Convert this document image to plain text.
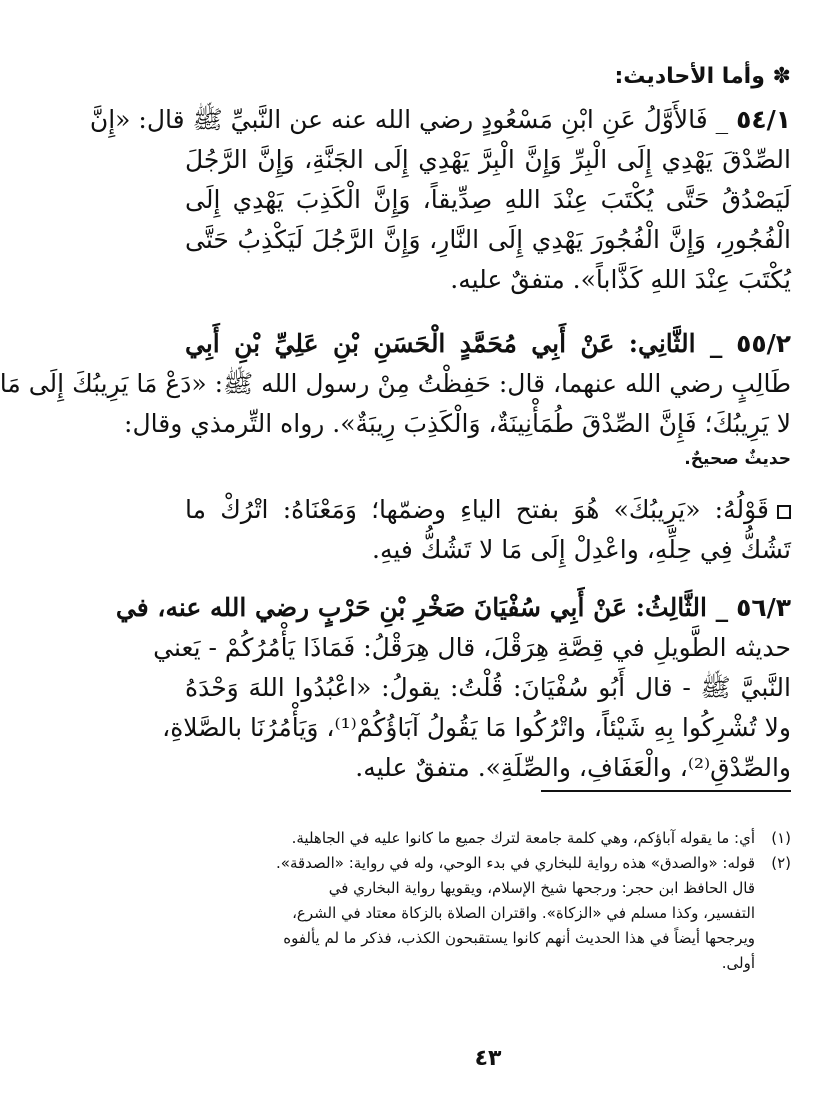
✽ وأما الأحاديث:
٥٤/١ _ فَالأَوَّلُ عَنِ ابْنِ مَسْعُودٍ رضي الله عنه عن النَّبيِّ ﷺ قال: «إِنَّ
الصِّدْقَ يَهْدِي إِلَى الْبِرِّ وَإِنَّ الْبِرَّ يَهْدِي إِلَى الجَنَّةِ، وَإِنَّ الرَّجُلَ
لَيَصْدُقُ حَتَّى يُكْتَبَ عِنْدَ اللهِ صِدِّيقاً، وَإِنَّ الْكَذِبَ يَهْدِي إِلَى
الْفُجُورِ، وَإِنَّ الْفُجُورَ يَهْدِي إِلَى النَّارِ، وَإِنَّ الرَّجُلَ لَيَكْذِبُ حَتَّى
يُكْتَبَ عِنْدَ اللهِ كَذَّاباً». متفقٌ عليه.
٥٥/٢ _ الثَّانِي: عَنْ أَبِي مُحَمَّدٍ الْحَسَنِ بْنِ عَلِيِّ بْنِ أَبِي
طَالِبٍ رضي الله عنهما، قال: حَفِظْتُ مِنْ رسول الله ﷺ: «دَعْ مَا يَرِيبُكَ إِلَى مَا
لا يَرِيبُكَ؛ فَإِنَّ الصِّدْقَ طُمَأْنِينَةٌ، وَالْكَذِبَ رِيبَةٌ». رواه التِّرمذي وقال:
حديثٌ صحيحٌ.
قَوْلُهُ: «يَرِيبُكَ» هُوَ بفتح الياءِ وضمّها؛ وَمَعْنَاهُ: اتْرُكْ ما
تَشُكُّ فِي حِلِّهِ، واعْدِلْ إِلَى مَا لا تَشُكُّ فيهِ.
٥٦/٣ _ الثَّالِثُ: عَنْ أَبِي سُفْيَانَ صَخْرِ بْنِ حَرْبٍ رضي الله عنه، في
حديثه الطَّويلِ في قِصَّةِ هِرَقْلَ، قال هِرَقْلُ: فَمَاذَا يَأْمُرُكُمْ - يَعني
النَّبيَّ ﷺ - قال أَبُو سُفْيَانَ: قُلْتُ: يقولُ: «اعْبُدُوا اللهَ وَحْدَهُ
ولا تُشْرِكُوا بِهِ شَيْئاً، واتْرُكُوا مَا يَقُولُ آبَاؤُكُمْ⁽¹⁾، وَيَأْمُرُنَا بالصَّلاةِ،
والصِّدْقِ⁽²⁾، والْعَفَافِ، والصِّلَةِ». متفقٌ عليه.
(١)أي: ما يقوله آباؤكم، وهي كلمة جامعة لترك جميع ما كانوا عليه في الجاهلية.
(٢)قوله: «والصدق» هذه رواية للبخاري في بدء الوحي، وله في رواية: «الصدقة».
قال الحافظ ابن حجر: ورجحها شيخ الإسلام، ويقويها رواية البخاري في
التفسير، وكذا مسلم في «الزكاة». واقتران الصلاة بالزكاة معتاد في الشرع،
ويرجحها أيضاً في هذا الحديث أنهم كانوا يستقبحون الكذب، فذكر ما لم يألفوه
أولى.
٤٣
